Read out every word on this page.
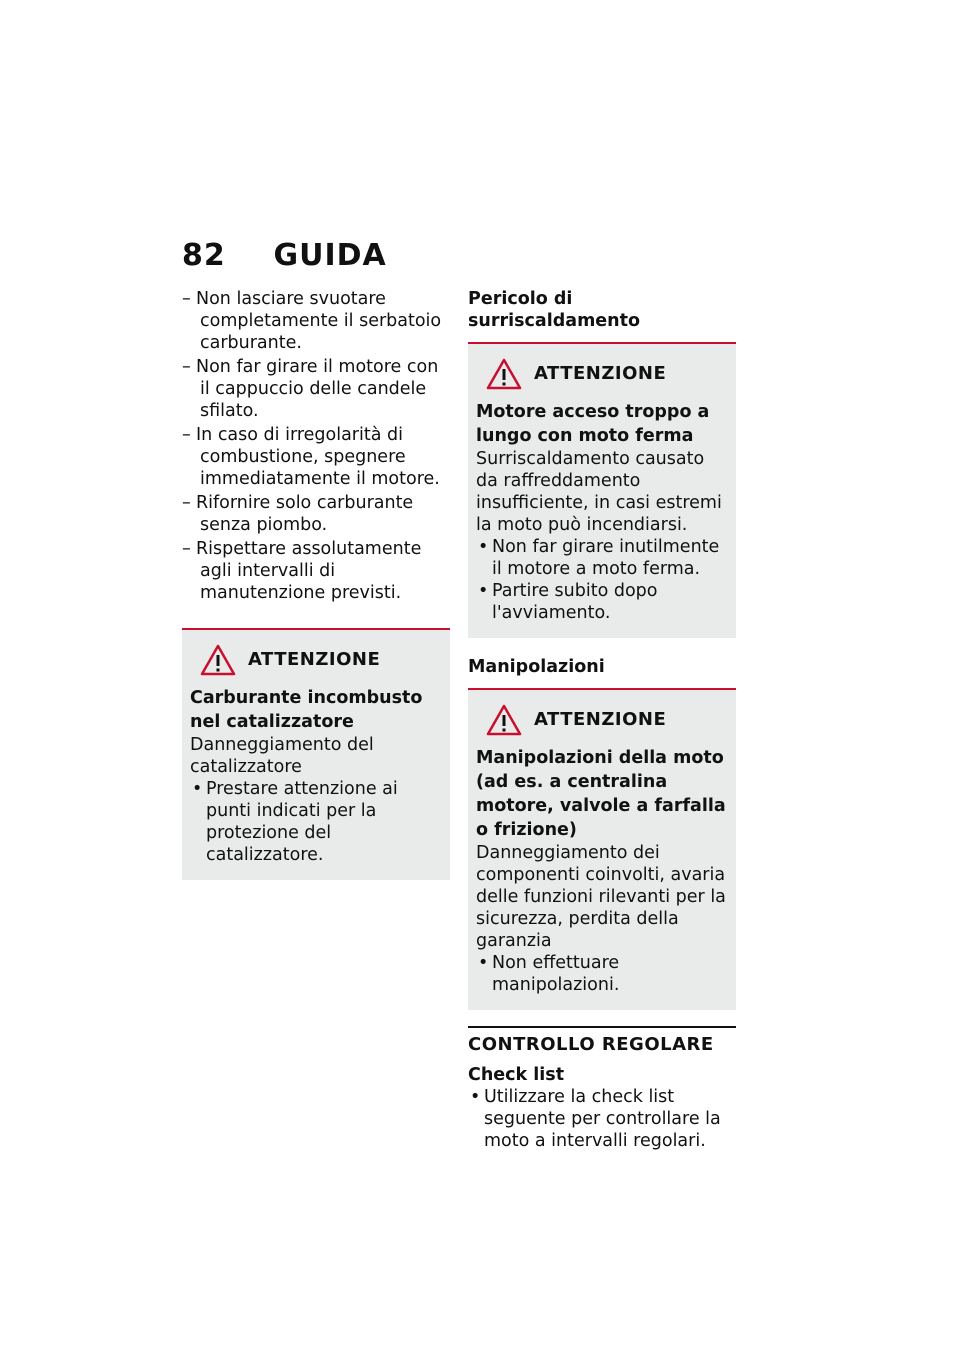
82 GUIDA
– Non lasciare svuotare completamente il serbatoio carburante.
– Non far girare il motore con il cappuccio delle candele sfilato.
– In caso di irregolarità di combustione, spegnere immediatamente il motore.
– Rifornire solo carburante senza piombo.
– Rispettare assolutamente agli intervalli di manutenzione previsti.
ATTENZIONE
Carburante incombusto nel catalizzatore
Danneggiamento del catalizzatore
• Prestare attenzione ai punti indicati per la protezione del catalizzatore.
Pericolo di surriscaldamento
ATTENZIONE
Motore acceso troppo a lungo con moto ferma
Surriscaldamento causato da raffreddamento insufficiente, in casi estremi la moto può incendiarsi.
• Non far girare inutilmente il motore a moto ferma.
• Partire subito dopo l'avviamento.
Manipolazioni
ATTENZIONE
Manipolazioni della moto (ad es. a centralina motore, valvole a farfalla o frizione)
Danneggiamento dei componenti coinvolti, avaria delle funzioni rilevanti per la sicurezza, perdita della garanzia
• Non effettuare manipolazioni.
CONTROLLO REGOLARE
Check list
• Utilizzare la check list seguente per controllare la moto a intervalli regolari.
